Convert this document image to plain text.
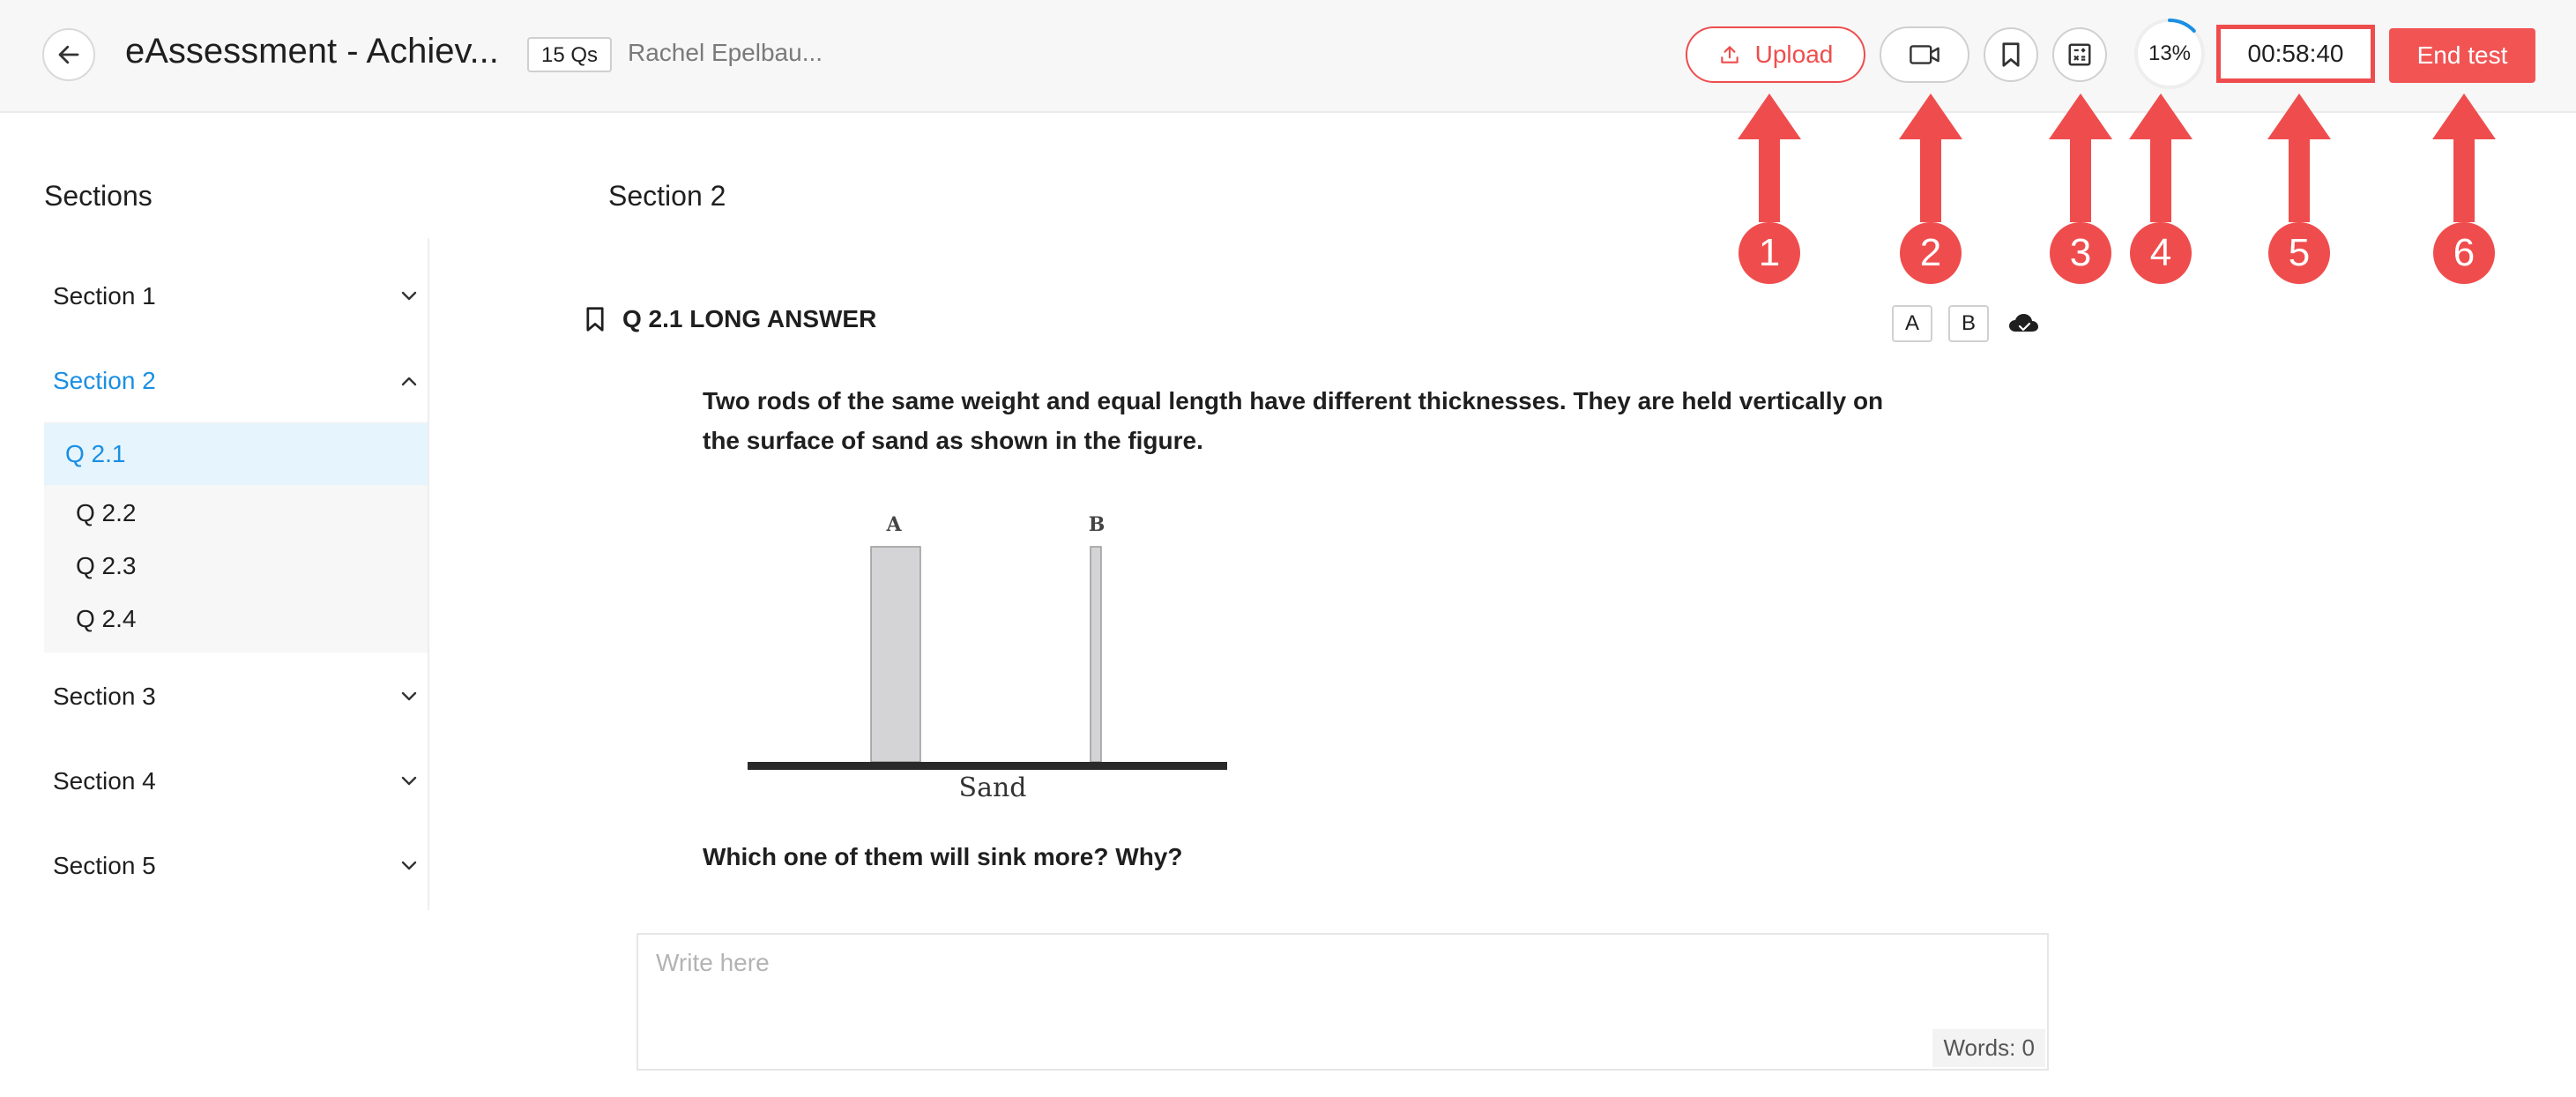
eAssessment - Achiev...	15 Qs	Rachel Epelbau...	Upload	13%	00:58:40	End test
1	2	3	4	5	6
Sections
Section 1
Section 2
Q 2.1
Q 2.2
Q 2.3
Q 2.4
Section 3
Section 4
Section 5
Section 2
Q 2.1 LONG ANSWER	A	B
Two rods of the same weight and equal length have different thicknesses. They are held vertically on
the surface of sand as shown in the figure.
A	B
Sand
Which one of them will sink more? Why?
Write here
Words: 0
